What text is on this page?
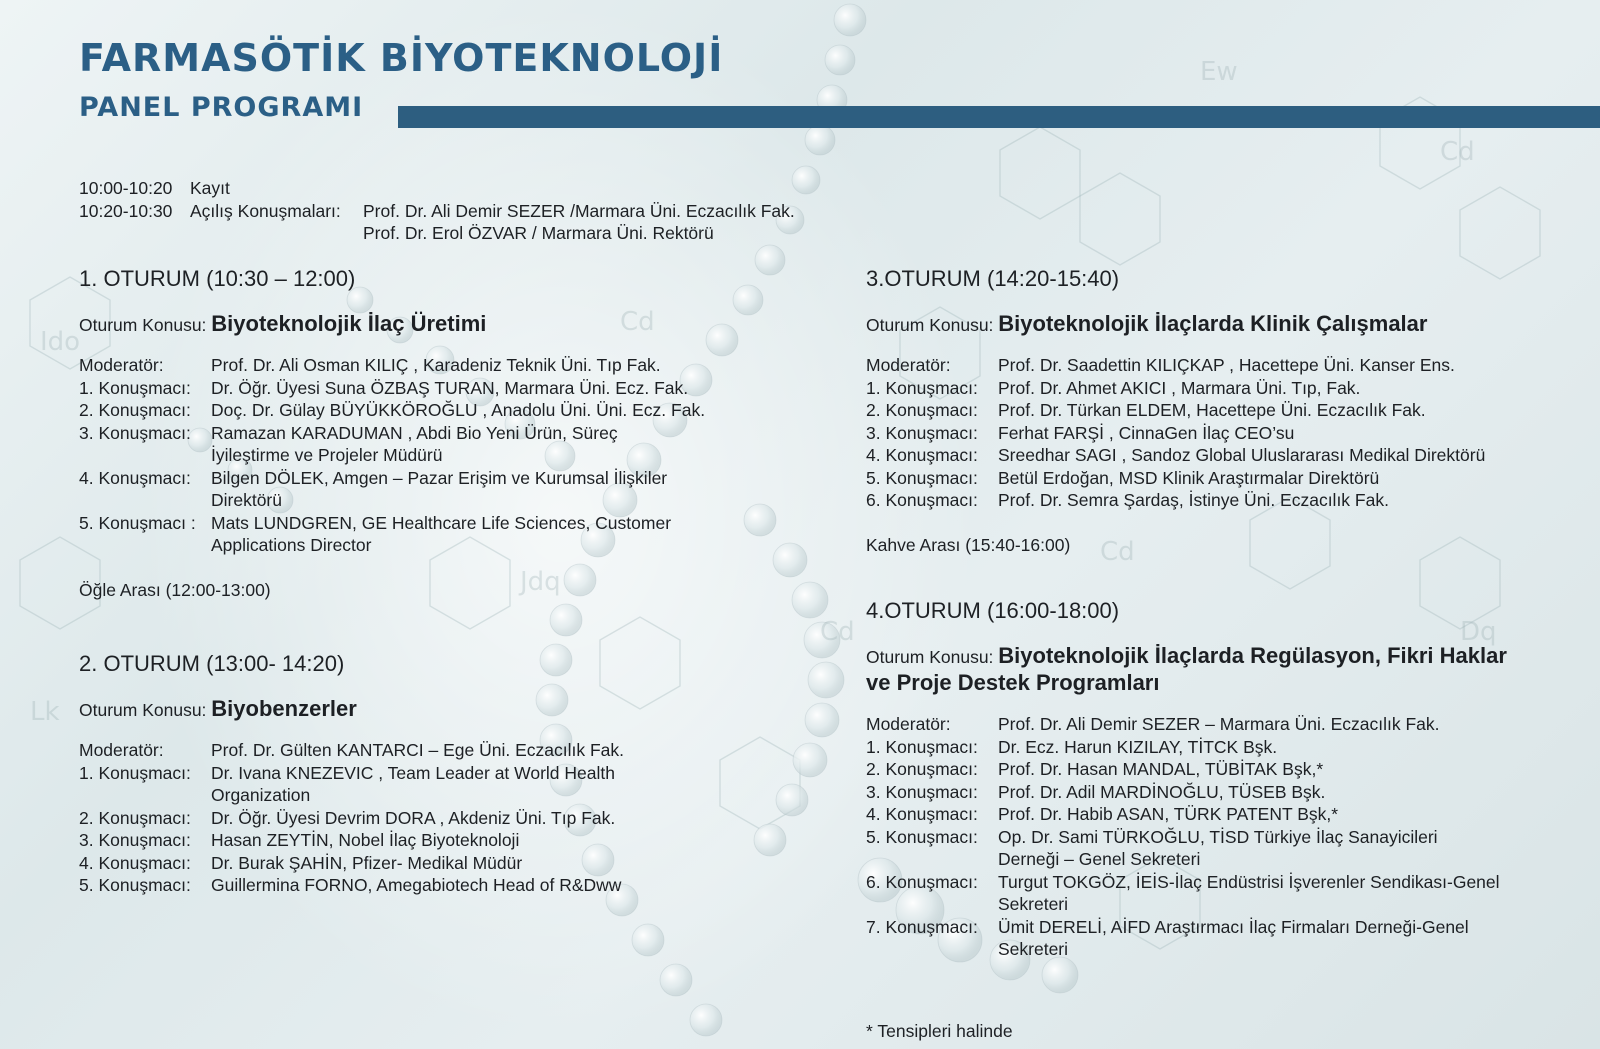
Cd
Cd
Cd
Ew
Ido
Lk
Jdq
Dq
Cd
FARMASÖTİK BİYOTEKNOLOJİ
PANEL PROGRAMI
10:00-10:20	Kayıt
10:20-10:30	Açılış Konuşmaları:	Prof. Dr. Ali Demir SEZER /Marmara Üni. Eczacılık Fak.
Prof. Dr. Erol ÖZVAR / Marmara Üni. Rektörü
1. OTURUM (10:30 – 12:00)
Oturum Konusu: Biyoteknolojik İlaç Üretimi
Moderatör:	Prof. Dr. Ali Osman KILIÇ , Karadeniz Teknik Üni. Tıp Fak.
1. Konuşmacı:	Dr. Öğr. Üyesi Suna ÖZBAŞ TURAN, Marmara Üni. Ecz. Fak.
2. Konuşmacı:	Doç. Dr. Gülay BÜYÜKKÖROĞLU , Anadolu Üni. Üni. Ecz. Fak.
3. Konuşmacı:	Ramazan KARADUMAN , Abdi Bio Yeni Ürün, Süreç İyileştirme ve Projeler Müdürü
4. Konuşmacı:	Bilgen DÖLEK, Amgen – Pazar Erişim ve Kurumsal İlişkiler Direktörü
5. Konuşmacı : Mats LUNDGREN, GE Healthcare Life Sciences, Customer Applications Director
Öğle Arası (12:00-13:00)
2. OTURUM (13:00- 14:20)
Oturum Konusu: Biyobenzerler
Moderatör:	Prof. Dr. Gülten KANTARCI – Ege Üni. Eczacılık Fak.
1. Konuşmacı:	Dr. Ivana KNEZEVIC , Team Leader at World Health Organization
2. Konuşmacı:	Dr. Öğr. Üyesi Devrim DORA , Akdeniz Üni. Tıp Fak.
3. Konuşmacı:	Hasan ZEYTİN, Nobel İlaç Biyoteknoloji
4. Konuşmacı:	Dr. Burak ŞAHİN, Pfizer- Medikal Müdür
5. Konuşmacı:	Guillermina FORNO, Amegabiotech Head of R&Dww
3.OTURUM (14:20-15:40)
Oturum Konusu: Biyoteknolojik İlaçlarda Klinik Çalışmalar
Moderatör:	Prof. Dr. Saadettin KILIÇKAP , Hacettepe Üni. Kanser Ens.
1. Konuşmacı:	Prof. Dr. Ahmet AKICI , Marmara Üni. Tıp, Fak.
2. Konuşmacı:	Prof. Dr. Türkan ELDEM, Hacettepe Üni. Eczacılık Fak.
3. Konuşmacı:	Ferhat FARŞİ , CinnaGen İlaç CEO’su
4. Konuşmacı:	Sreedhar SAGI , Sandoz Global Uluslararası Medikal Direktörü
5. Konuşmacı:	Betül Erdoğan, MSD Klinik Araştırmalar Direktörü
6. Konuşmacı:	Prof. Dr. Semra Şardaş, İstinye Üni. Eczacılık Fak.
Kahve Arası (15:40-16:00)
4.OTURUM (16:00-18:00)
Oturum Konusu: Biyoteknolojik İlaçlarda Regülasyon, Fikri Haklar ve Proje Destek Programları
Moderatör:	Prof. Dr. Ali Demir SEZER – Marmara Üni. Eczacılık Fak.
1. Konuşmacı:	Dr. Ecz. Harun KIZILAY, TİTCK Bşk.
2. Konuşmacı:	Prof. Dr. Hasan MANDAL, TÜBİTAK Bşk,*
3. Konuşmacı:	Prof. Dr. Adil MARDİNOĞLU, TÜSEB Bşk.
4. Konuşmacı:	Prof. Dr. Habib ASAN, TÜRK PATENT Bşk,*
5. Konuşmacı:	Op. Dr. Sami TÜRKOĞLU, TİSD Türkiye İlaç Sanayicileri Derneği – Genel Sekreteri
6. Konuşmacı:	Turgut TOKGÖZ, İEİS-İlaç Endüstrisi İşverenler Sendikası-Genel Sekreteri
7. Konuşmacı:	Ümit DERELİ, AİFD Araştırmacı İlaç Firmaları Derneği-Genel Sekreteri
* Tensipleri halinde
